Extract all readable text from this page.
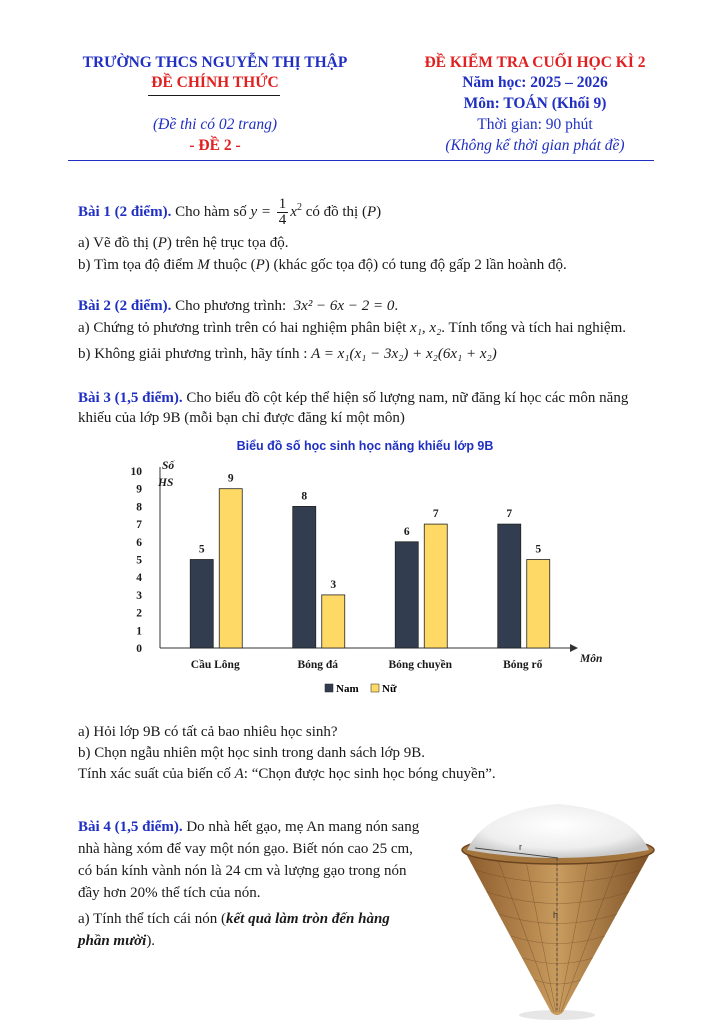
TRƯỜNG THCS NGUYỄN THỊ THẬP
ĐỀ CHÍNH THỨC
(Đề thi có 02 trang)
- ĐỀ 2 -
ĐỀ KIỂM TRA CUỐI HỌC KÌ 2
Năm học: 2025 – 2026
Môn: TOÁN (Khối 9)
Thời gian: 90 phút
(Không kể thời gian phát đề)
Bài 1 (2 điểm). Cho hàm số $y = \frac{1}{4} x^2$ có đồ thị (P)
a) Vẽ đồ thị (P) trên hệ trục tọa độ.
b) Tìm tọa độ điểm M thuộc (P) (khác gốc tọa độ) có tung độ gấp 2 lần hoành độ.
Bài 2 (2 điểm). Cho phương trình: 3x² − 6x − 2 = 0.
a) Chứng tỏ phương trình trên có hai nghiệm phân biệt x₁, x₂. Tính tổng và tích hai nghiệm.
b) Không giải phương trình, hãy tính : A = x₁(x₁ − 3x₂) + x₂(6x₁ + x₂)
Bài 3 (1,5 điểm). Cho biểu đồ cột kép thể hiện số lượng nam, nữ đăng kí học các môn năng
khiếu của lớp 9B (mỗi bạn chỉ được đăng kí một môn)
Biểu đồ số học sinh học năng khiếu lớp 9B
0
1
2
3
4
5
6
7
8
9
10 Số
HS
Môn
5
9
Cầu Lông
8
3
Bóng đá
6
7
Bóng chuyền
7
5
Bóng rổ
Nam Nữ
a) Hỏi lớp 9B có tất cả bao nhiêu học sinh?
b) Chọn ngẫu nhiên một học sinh trong danh sách lớp 9B.
Tính xác suất của biến cố A: “Chọn được học sinh học bóng chuyền”.
Bài 4 (1,5 điểm). Do nhà hết gạo, mẹ An mang nón sang
nhà hàng xóm để vay một nón gạo. Biết nón cao 25 cm,
có bán kính vành nón là 24 cm và lượng gạo trong nón
đầy hơn 20% thể tích của nón.
a) Tính thể tích cái nón (kết quả làm tròn đến hàng
phần mười).
r
h
